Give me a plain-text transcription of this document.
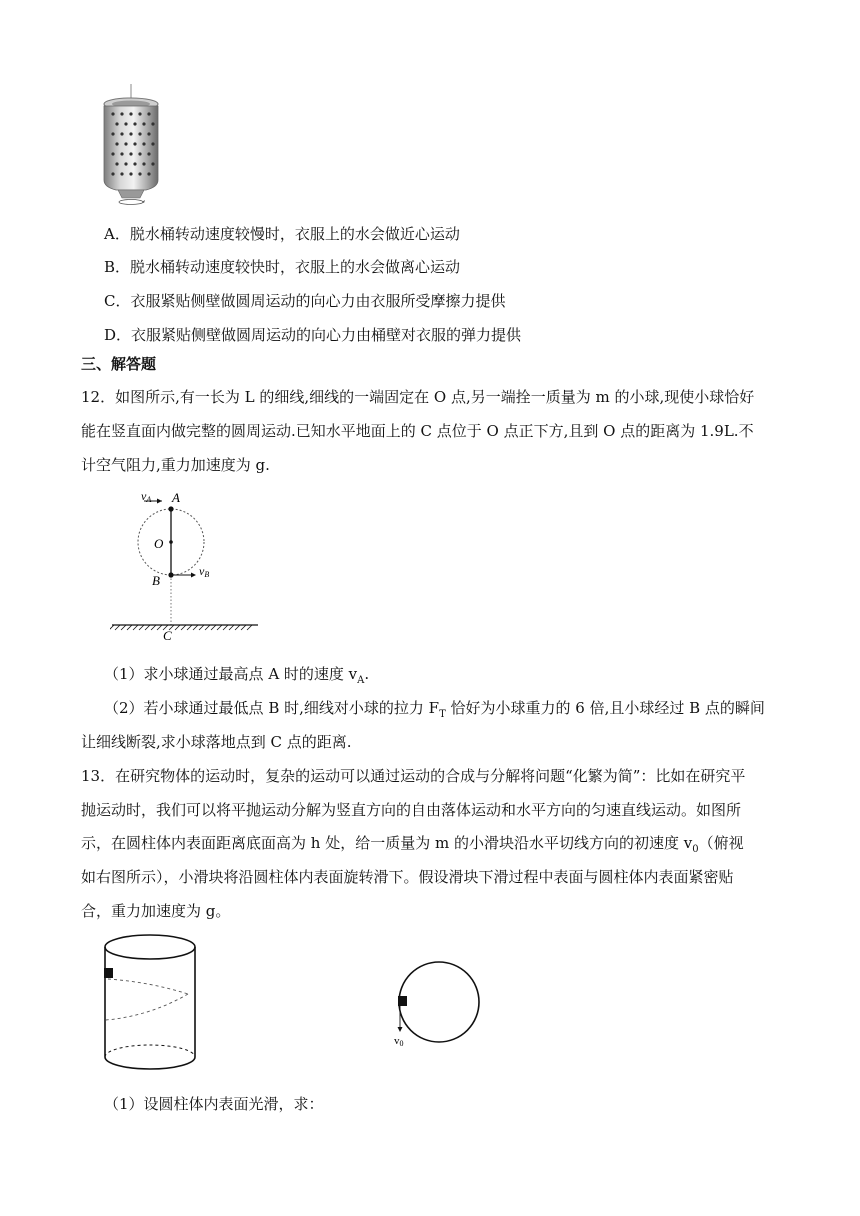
A．脱水桶转动速度较慢时，衣服上的水会做近心运动
B．脱水桶转动速度较快时，衣服上的水会做离心运动
C．衣服紧贴侧壁做圆周运动的向心力由衣服所受摩擦力提供
D．衣服紧贴侧壁做圆周运动的向心力由桶壁对衣服的弹力提供
三、解答题
12．如图所示,有一长为 L 的细线,细线的一端固定在 O 点,另一端拴一质量为 m 的小球,现使小球恰好
能在竖直面内做完整的圆周运动.已知水平地面上的 C 点位于 O 点正下方,且到 O 点的距离为 1.9L.不
计空气阻力,重力加速度为 g.
vA A
O
B
vB
C
（1）求小球通过最高点 A 时的速度 $v_A$.
（2）若小球通过最低点 B 时,细线对小球的拉力 $F_T$ 恰好为小球重力的 6 倍,且小球经过 B 点的瞬间
让细线断裂,求小球落地点到 C 点的距离.
13．在研究物体的运动时，复杂的运动可以通过运动的合成与分解将问题“化繁为简”：比如在研究平
抛运动时，我们可以将平抛运动分解为竖直方向的自由落体运动和水平方向的匀速直线运动。如图所
示，在圆柱体内表面距离底面高为 h 处，给一质量为 m 的小滑块沿水平切线方向的初速度 $v_0$（俯视
如右图所示），小滑块将沿圆柱体内表面旋转滑下。假设滑块下滑过程中表面与圆柱体内表面紧密贴
合，重力加速度为 g。
v0
（1）设圆柱体内表面光滑，求：
